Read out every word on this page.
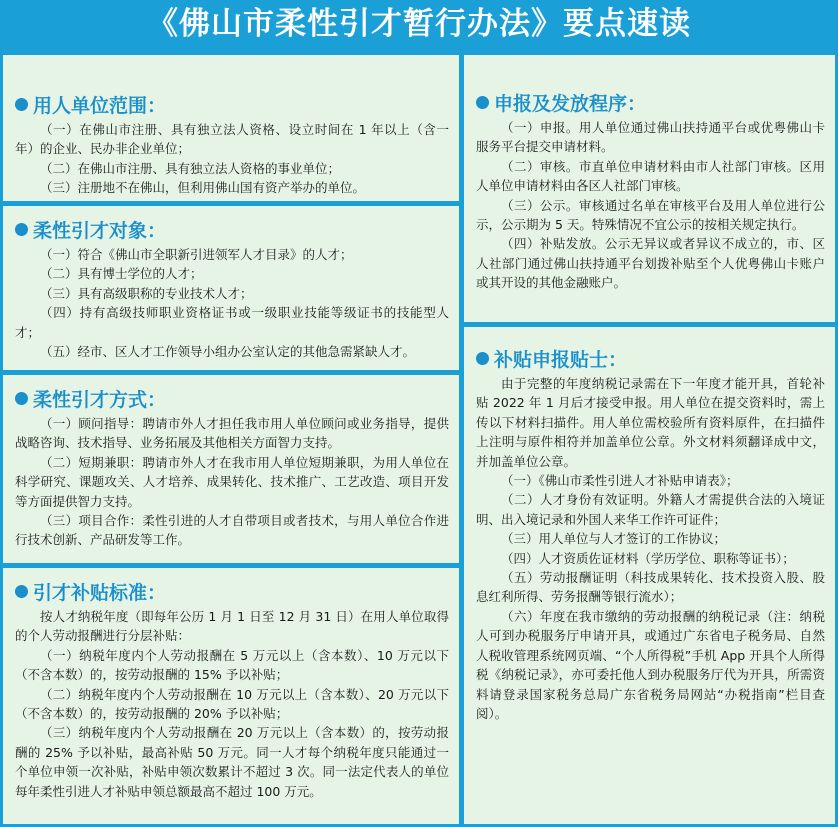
《佛山市柔性引才暂行办法》要点速读
用人单位范围：

（一）在佛山市注册、具有独立法人资格、设立时间在 1 年以上（含一年）的企业、民办非企业单位；

（二）在佛山市注册、具有独立法人资格的事业单位；

（三）注册地不在佛山，但利用佛山国有资产举办的单位。

柔性引才对象：

（一）符合《佛山市全职新引进领军人才目录》的人才；

（二）具有博士学位的人才；

（三）具有高级职称的专业技术人才；

（四）持有高级技师职业资格证书或一级职业技能等级证书的技能型人才；

（五）经市、区人才工作领导小组办公室认定的其他急需紧缺人才。

柔性引才方式：

（一）顾问指导：聘请市外人才担任我市用人单位顾问或业务指导，提供战略咨询、技术指导、业务拓展及其他相关方面智力支持。

（二）短期兼职：聘请市外人才在我市用人单位短期兼职，为用人单位在科学研究、课题攻关、人才培养、成果转化、技术推广、工艺改造、项目开发等方面提供智力支持。

（三）项目合作：柔性引进的人才自带项目或者技术，与用人单位合作进行技术创新、产品研发等工作。

引才补贴标准：

按人才纳税年度（即每年公历 1 月 1 日至 12 月 31 日）在用人单位取得的个人劳动报酬进行分层补贴：

（一）纳税年度内个人劳动报酬在 5 万元以上（含本数）、10 万元以下（不含本数）的，按劳动报酬的 15% 予以补贴；

（二）纳税年度内个人劳动报酬在 10 万元以上（含本数）、20 万元以下（不含本数）的，按劳动报酬的 20% 予以补贴；

（三）纳税年度内个人劳动报酬在 20 万元以上（含本数）的，按劳动报酬的 25% 予以补贴，最高补贴 50 万元。同一人才每个纳税年度只能通过一个单位申领一次补贴，补贴申领次数累计不超过 3 次。同一法定代表人的单位每年柔性引进人才补贴申领总额最高不超过 100 万元。

申报及发放程序：

（一）申报。用人单位通过佛山扶持通平台或优粤佛山卡服务平台提交申请材料。

（二）审核。市直单位申请材料由市人社部门审核。区用人单位申请材料由各区人社部门审核。

（三）公示。审核通过名单在审核平台及用人单位进行公示，公示期为 5 天。特殊情况不宜公示的按相关规定执行。

（四）补贴发放。公示无异议或者异议不成立的，市、区人社部门通过佛山扶持通平台划拨补贴至个人优粤佛山卡账户或其开设的其他金融账户。

补贴申报贴士：

由于完整的年度纳税记录需在下一年度才能开具，首轮补贴 2022 年 1 月后才接受申报。用人单位在提交资料时，需上传以下材料扫描件。用人单位需校验所有资料原件，在扫描件上注明与原件相符并加盖单位公章。外文材料须翻译成中文，并加盖单位公章。

（一）《佛山市柔性引进人才补贴申请表》；

（二）人才身份有效证明。外籍人才需提供合法的入境证明、出入境记录和外国人来华工作许可证件；

（三）用人单位与人才签订的工作协议；

（四）人才资质佐证材料（学历学位、职称等证书）；

（五）劳动报酬证明（科技成果转化、技术投资入股、股息红利所得、劳务报酬等银行流水）；

（六）年度在我市缴纳的劳动报酬的纳税记录（注：纳税人可到办税服务厅申请开具，或通过广东省电子税务局、自然人税收管理系统网页端、“个人所得税”手机 App 开具个人所得税《纳税记录》，亦可委托他人到办税服务厅代为开具，所需资料请登录国家税务总局广东省税务局网站“办税指南”栏目查阅）。
